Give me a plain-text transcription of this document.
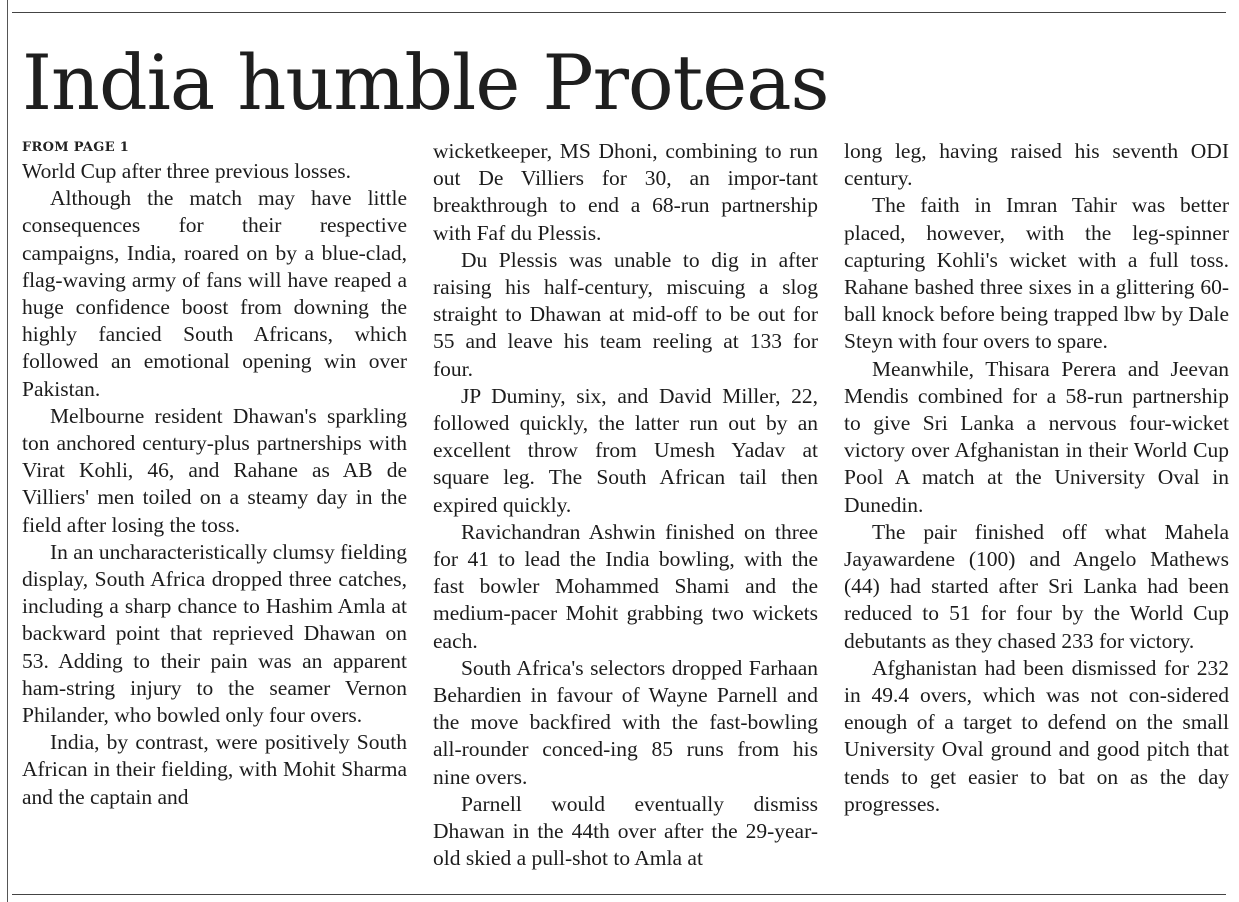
India humble Proteas
FROM PAGE 1

World Cup after three previous losses.

Although the match may have little consequences for their respective campaigns, India, roared on by a blue-clad, flag-waving army of fans will have reaped a huge confidence boost from downing the highly fancied South Africans, which followed an emotional opening win over Pakistan.

Melbourne resident Dhawan's sparkling ton anchored century-plus partnerships with Virat Kohli, 46, and Rahane as AB de Villiers' men toiled on a steamy day in the field after losing the toss.

In an uncharacteristically clumsy fielding display, South Africa dropped three catches, including a sharp chance to Hashim Amla at backward point that reprieved Dhawan on 53. Adding to their pain was an apparent ham-string injury to the seamer Vernon Philander, who bowled only four overs.

India, by contrast, were positively South African in their fielding, with Mohit Sharma and the captain and

wicketkeeper, MS Dhoni, combining to run out De Villiers for 30, an impor-tant breakthrough to end a 68-run partnership with Faf du Plessis.

Du Plessis was unable to dig in after raising his half-century, miscuing a slog straight to Dhawan at mid-off to be out for 55 and leave his team reeling at 133 for four.

JP Duminy, six, and David Miller, 22, followed quickly, the latter run out by an excellent throw from Umesh Yadav at square leg. The South African tail then expired quickly.

Ravichandran Ashwin finished on three for 41 to lead the India bowling, with the fast bowler Mohammed Shami and the medium-pacer Mohit grabbing two wickets each.

South Africa's selectors dropped Farhaan Behardien in favour of Wayne Parnell and the move backfired with the fast-bowling all-rounder conced-ing 85 runs from his nine overs.

Parnell would eventually dismiss Dhawan in the 44th over after the 29-year-old skied a pull-shot to Amla at

long leg, having raised his seventh ODI century.

The faith in Imran Tahir was better placed, however, with the leg-spinner capturing Kohli's wicket with a full toss. Rahane bashed three sixes in a glittering 60-ball knock before being trapped lbw by Dale Steyn with four overs to spare.

Meanwhile, Thisara Perera and Jeevan Mendis combined for a 58-run partnership to give Sri Lanka a nervous four-wicket victory over Afghanistan in their World Cup Pool A match at the University Oval in Dunedin.

The pair finished off what Mahela Jayawardene (100) and Angelo Mathews (44) had started after Sri Lanka had been reduced to 51 for four by the World Cup debutants as they chased 233 for victory.

Afghanistan had been dismissed for 232 in 49.4 overs, which was not con-sidered enough of a target to defend on the small University Oval ground and good pitch that tends to get easier to bat on as the day progresses.
